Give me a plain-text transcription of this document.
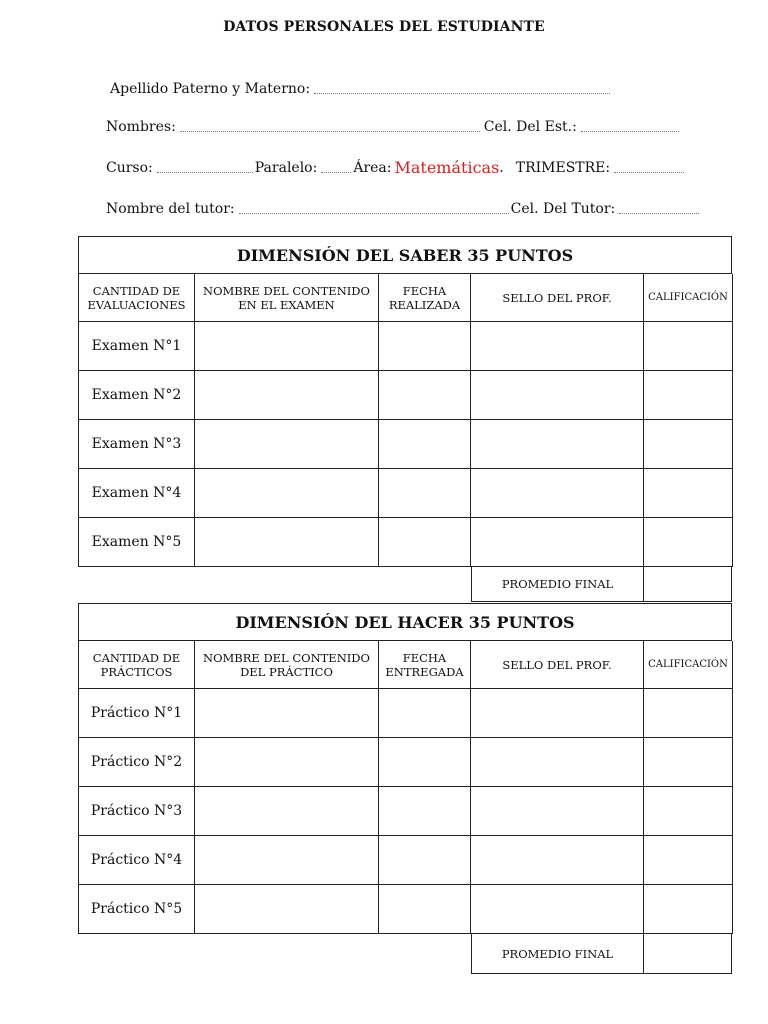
DATOS PERSONALES DEL ESTUDIANTE
Apellido Paterno y Materno:
Nombres:	Cel. Del Est.:
Curso:	Paralelo:	Área: Matemáticas . TRIMESTRE:
Nombre del tutor:	Cel. Del Tutor:
DIMENSIÓN DEL SABER 35 PUNTOS
CANTIDAD DE EVALUACIONES	NOMBRE DEL CONTENIDO EN EL EXAMEN	FECHA REALIZADA	SELLO DEL PROF.	CALIFICACIÓN
Examen N°1				
Examen N°2				
Examen N°3				
Examen N°4				
Examen N°5				
PROMEDIO FINAL
DIMENSIÓN DEL HACER 35 PUNTOS
CANTIDAD DE PRÁCTICOS	NOMBRE DEL CONTENIDO DEL PRÁCTICO	FECHA ENTREGADA	SELLO DEL PROF.	CALIFICACIÓN
Práctico N°1				
Práctico N°2				
Práctico N°3				
Práctico N°4				
Práctico N°5				
PROMEDIO FINAL
